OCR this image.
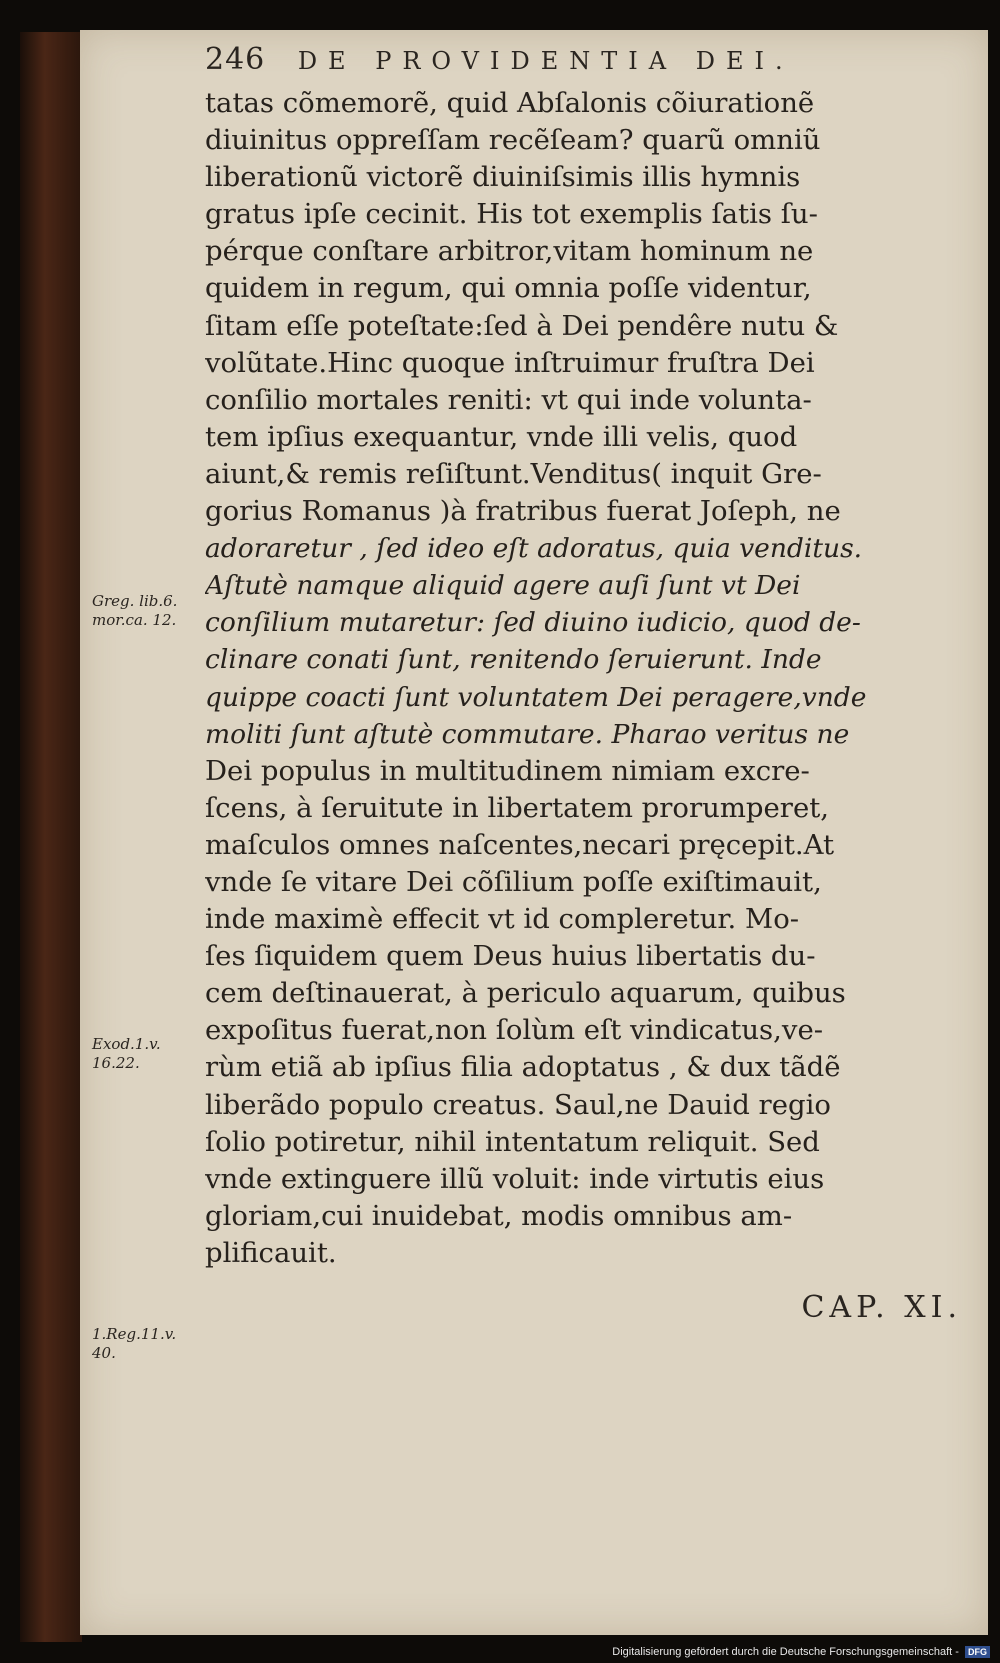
246 DE PROVIDENTIA DEI.
Greg. lib.6.
mor.ca. 12.
Exod.1.v.
16.22.
1.Reg.11.v.
40.
tatas cõmemorẽ, quid Abſalonis cõiurationẽ
diuinitus oppreſſam recẽſeam? quarũ omniũ
liberationũ victorẽ diuiniſsimis illis hymnis
gratus ipſe cecinit. His tot exemplis ſatis ſu-
pérque conſtare arbitror,vitam hominum ne
quidem in regum, qui omnia poſſe videntur,
ſitam eſſe poteſtate:ſed à Dei pendêre nutu &
volũtate.Hinc quoque inſtruimur fruſtra Dei
conſilio mortales reniti: vt qui inde volunta-
tem ipſius exequantur, vnde illi velis, quod
aiunt,& remis reſiſtunt.Venditus( inquit Gre-
gorius Romanus )à fratribus fuerat Joſeph, ne
adoraretur , ſed ideo eſt adoratus, quia venditus.
Aſtutè namque aliquid agere auſi ſunt vt Dei
conſilium mutaretur: ſed diuino iudicio, quod de-
clinare conati ſunt, renitendo ſeruierunt. Inde
quippe coacti ſunt voluntatem Dei peragere,vnde
moliti ſunt aſtutè commutare. Pharao veritus ne
Dei populus in multitudinem nimiam excre-
ſcens, à ſeruitute in libertatem prorumperet,
maſculos omnes naſcentes,necari pręcepit.At
vnde ſe vitare Dei cõſilium poſſe exiſtimauit,
inde maximè effecit vt id compleretur. Mo-
ſes ſiquidem quem Deus huius libertatis du-
cem deſtinauerat, à periculo aquarum, quibus
expoſitus fuerat,non ſolùm eſt vindicatus,ve-
rùm etiã ab ipſius filia adoptatus , & dux tãdẽ
liberãdo populo creatus. Saul,ne Dauid regio
ſolio potiretur, nihil intentatum reliquit. Sed
vnde extinguere illũ voluit: inde virtutis eius
gloriam,cui inuidebat, modis omnibus am-
plificauit.
CAP. XI.
Digitalisierung gefördert durch die Deutsche Forschungsgemeinschaft - DFG
